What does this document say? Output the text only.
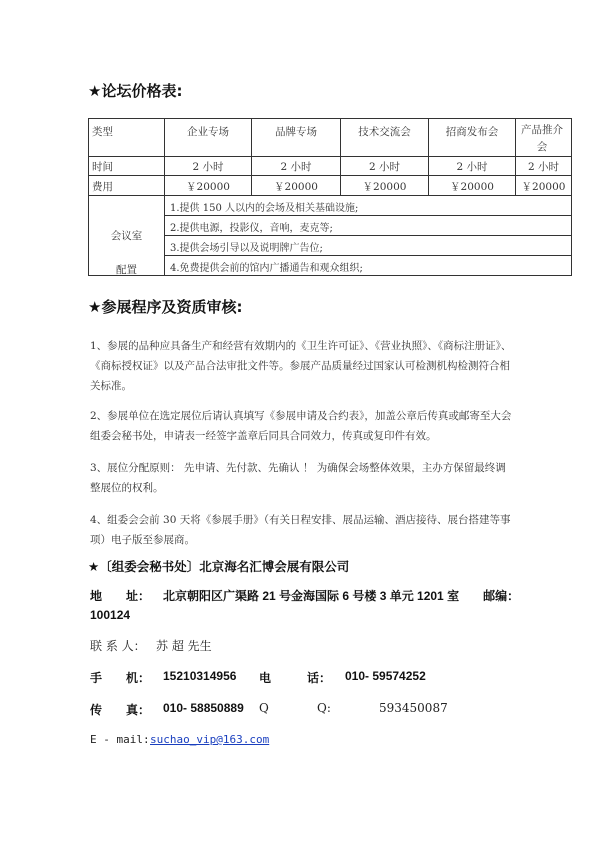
★论坛价格表:
类型	企业专场	品牌专场	技术交流会	招商发布会	产品推介会
时间	2 小时	2 小时	2 小时	2 小时	2 小时
费用	￥20000	￥20000	￥20000	￥20000	￥20000
会议室
配置
1.提供 150 人以内的会场及相关基础设施;
2.提供电源，投影仪，音响，麦克等;
3.提供会场引导以及说明牌广告位;
4.免费提供会前的馆内广播通告和观众组织;
★参展程序及资质审核:
1、参展的品种应具备生产和经营有效期内的《卫生许可证》、《营业执照》、《商标注册证》、《商标授权证》以及产品合法审批文件等。参展产品质量经过国家认可检测机构检测符合相关标准。
2、参展单位在选定展位后请认真填写《参展申请及合约表》，加盖公章后传真或邮寄至大会组委会秘书处，申请表一经签字盖章后同具合同效力，传真或复印件有效。
3、展位分配原则： 先申请、先付款、先确认 ！ 为确保会场整体效果，主办方保留最终调整展位的权利。
4、组委会会前 30 天将《参展手册》（有关日程安排、展品运输、酒店接待、展台搭建等事项）电子版至参展商。
★〔组委会秘书处〕北京海名汇博会展有限公司
地　　址： 北京朝阳区广渠路 21 号金海国际 6 号楼 3 单元 1201 室　　邮编：
100124
联 系 人： 苏 超 先生
手　　机： 15210314956 电　　　话： 010- 59574252
传　　真： 010- 58850889 Q	Q:	593450087
E - mail: suchao_vip@163.com
